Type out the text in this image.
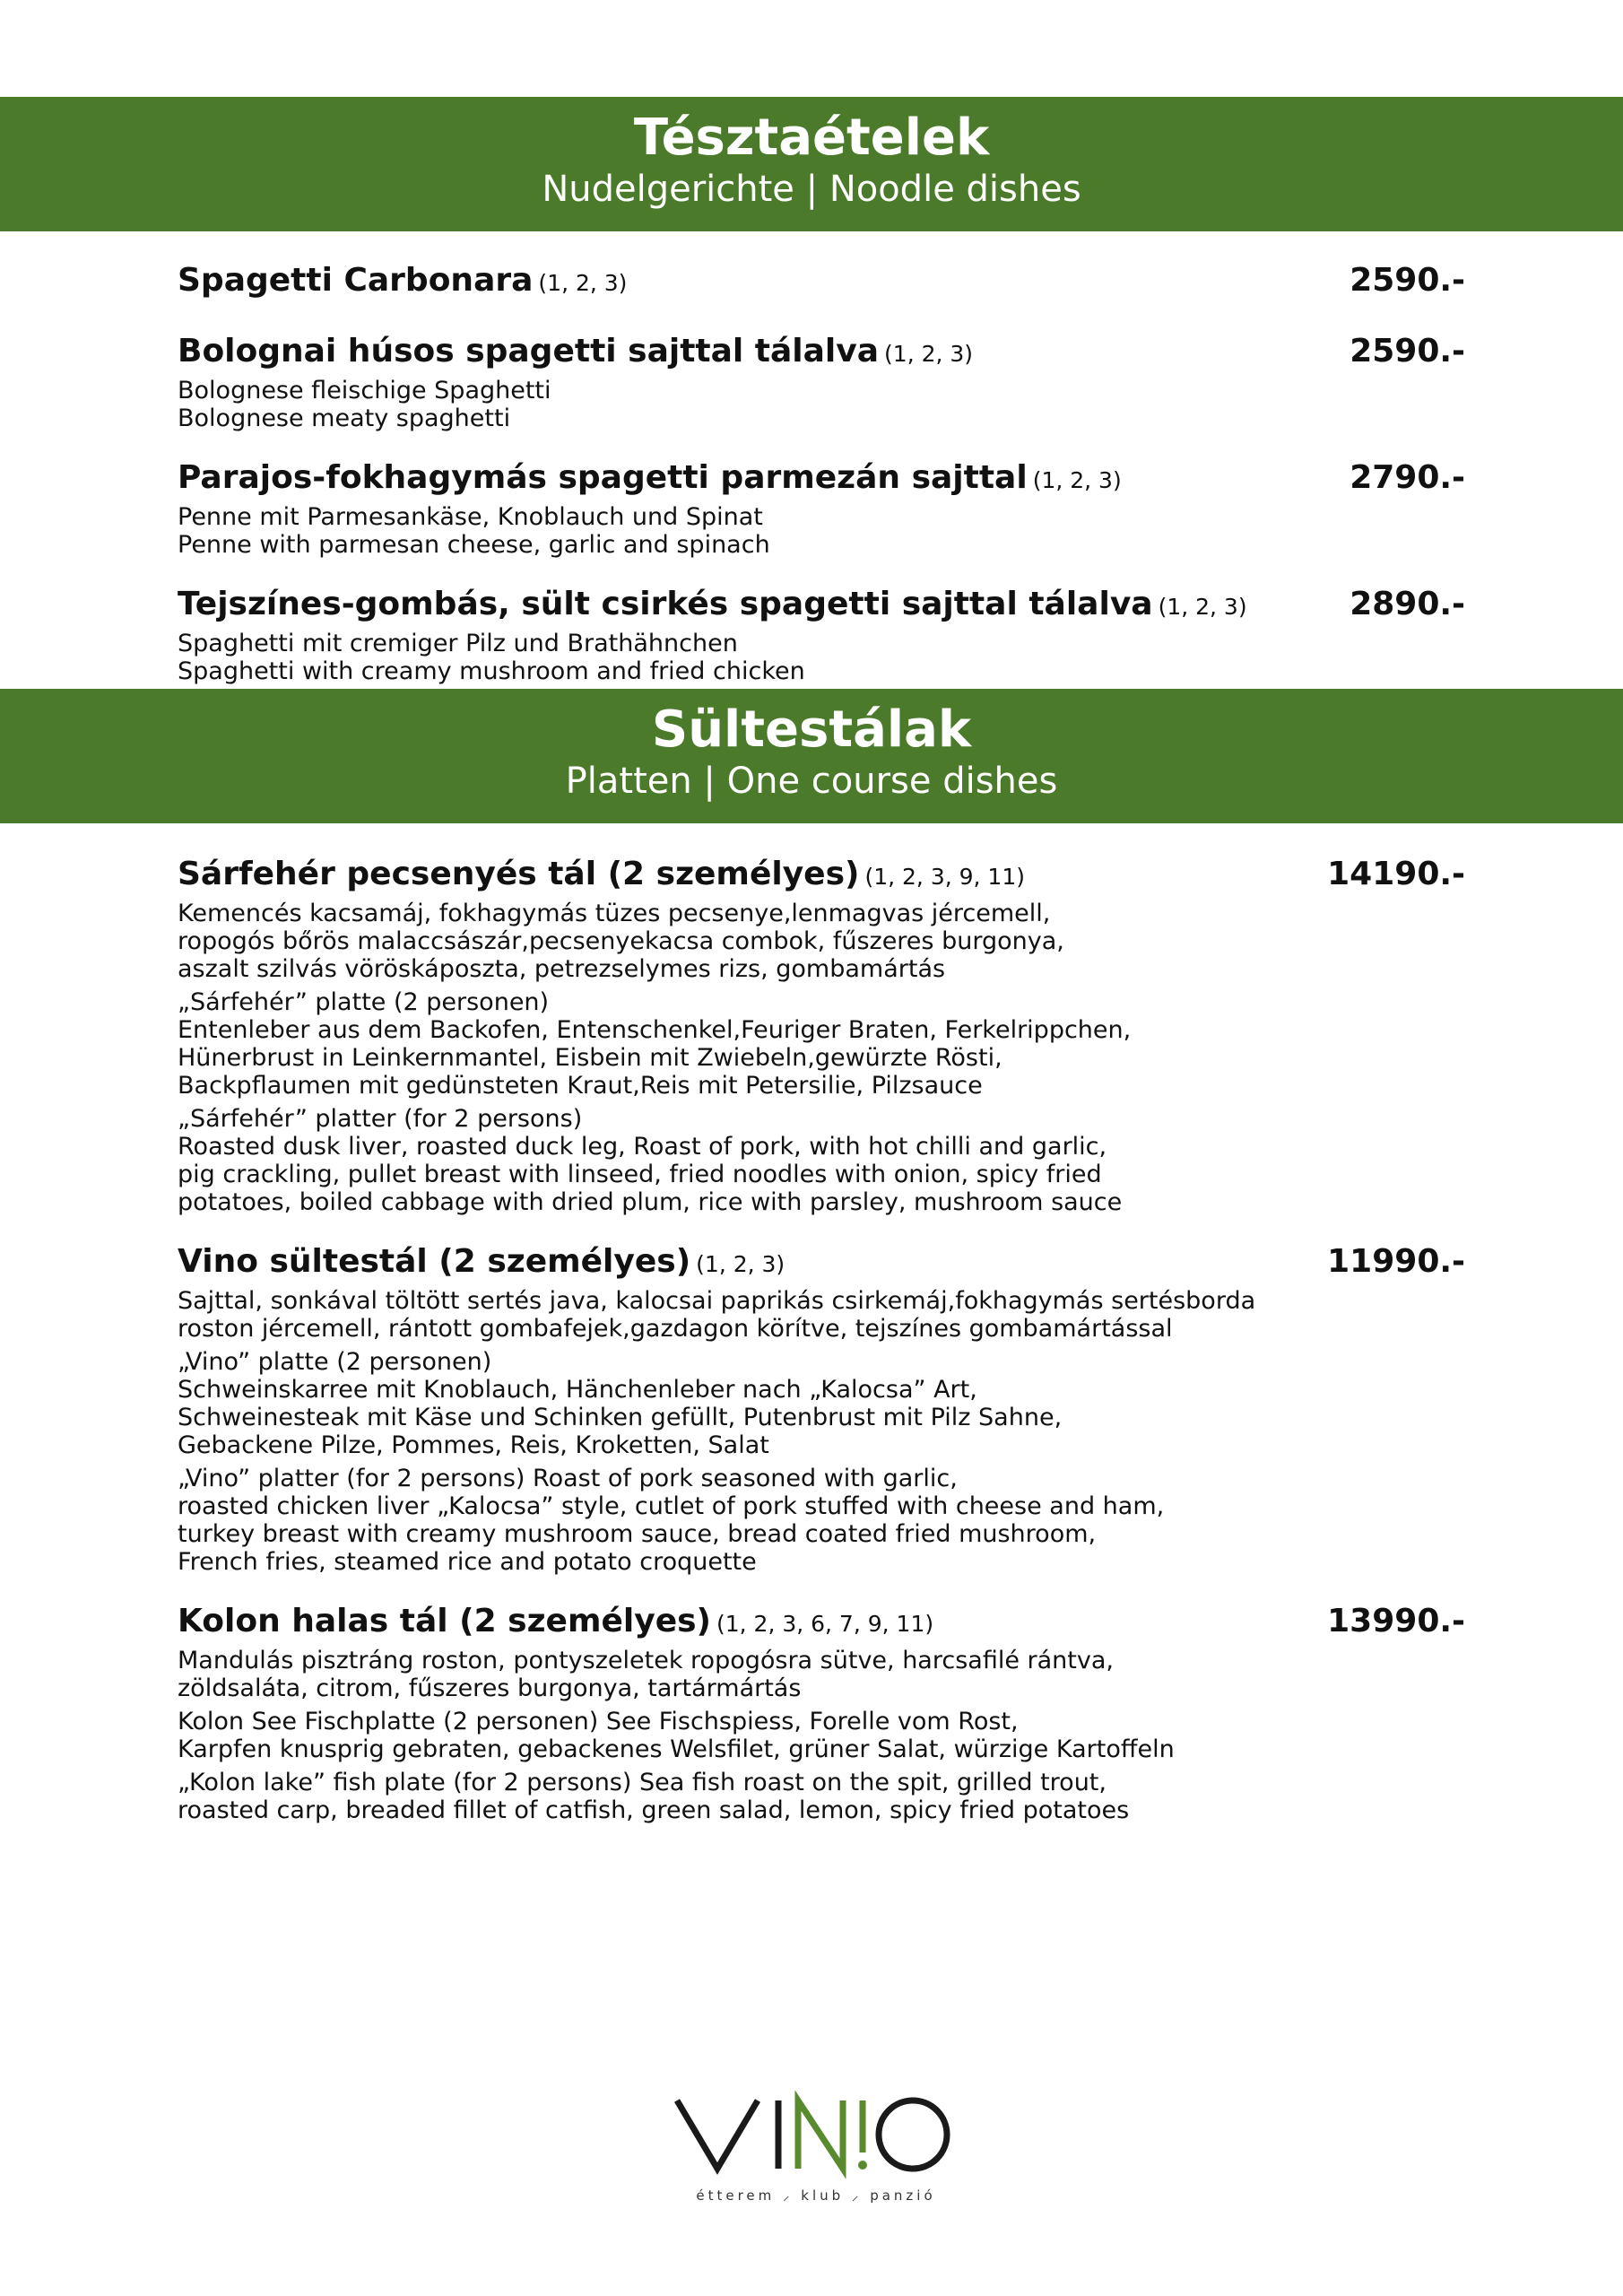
Tésztaételek
Nudelgerichte | Noodle dishes
Spagetti Carbonara (1, 2, 3)	2590.-
Bolognai húsos spagetti sajttal tálalva (1, 2, 3)	2590.-
Bolognese fleischige Spaghetti
Bolognese meaty spaghetti
Parajos-fokhagymás spagetti parmezán sajttal (1, 2, 3)	2790.-
Penne mit Parmesankäse, Knoblauch und Spinat
Penne with parmesan cheese, garlic and spinach
Tejszínes-gombás, sült csirkés spagetti sajttal tálalva (1, 2, 3)	2890.-
Spaghetti mit cremiger Pilz und Brathähnchen
Spaghetti with creamy mushroom and fried chicken
Sültestálak
Platten | One course dishes
Sárfehér pecsenyés tál (2 személyes) (1, 2, 3, 9, 11)	14190.-
Kemencés kacsamáj, fokhagymás tüzes pecsenye,lenmagvas jércemell,
ropogós bőrös malaccsászár,pecsenyekacsa combok, fűszeres burgonya,
aszalt szilvás vöröskáposzta, petrezselymes rizs, gombamártás
„Sárfehér” platte (2 personen)
Entenleber aus dem Backofen, Entenschenkel,Feuriger Braten, Ferkelrippchen,
Hünerbrust in Leinkernmantel, Eisbein mit Zwiebeln,gewürzte Rösti,
Backpflaumen mit gedünsteten Kraut,Reis mit Petersilie, Pilzsauce
„Sárfehér” platter (for 2 persons)
Roasted dusk liver, roasted duck leg, Roast of pork, with hot chilli and garlic,
pig crackling, pullet breast with linseed, fried noodles with onion, spicy fried
potatoes, boiled cabbage with dried plum, rice with parsley, mushroom sauce
Vino sültestál (2 személyes) (1, 2, 3)	11990.-
Sajttal, sonkával töltött sertés java, kalocsai paprikás csirkemáj,fokhagymás sertésborda
roston jércemell, rántott gombafejek,gazdagon körítve, tejszínes gombamártással
„Vino” platte (2 personen)
Schweinskarree mit Knoblauch, Hänchenleber nach „Kalocsa” Art,
Schweinesteak mit Käse und Schinken gefüllt, Putenbrust mit Pilz Sahne,
Gebackene Pilze, Pommes, Reis, Kroketten, Salat
„Vino” platter (for 2 persons) Roast of pork seasoned with garlic,
roasted chicken liver „Kalocsa” style, cutlet of pork stuffed with cheese and ham,
turkey breast with creamy mushroom sauce, bread coated fried mushroom,
French fries, steamed rice and potato croquette
Kolon halas tál (2 személyes) (1, 2, 3, 6, 7, 9, 11)	13990.-
Mandulás pisztráng roston, pontyszeletek ropogósra sütve, harcsafilé rántva,
zöldsaláta, citrom, fűszeres burgonya, tartármártás
Kolon See Fischplatte (2 personen) See Fischspiess, Forelle vom Rost,
Karpfen knusprig gebraten, gebackenes Welsfilet, grüner Salat, würzige Kartoffeln
„Kolon lake” fish plate (for 2 persons) Sea fish roast on the spit, grilled trout,
roasted carp, breaded fillet of catfish, green salad, lemon, spicy fried potatoes
étterem ⸝ klub ⸝ panzió
